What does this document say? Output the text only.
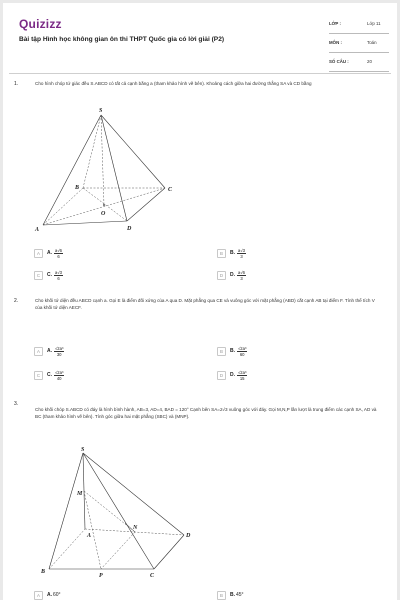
Quizizz
Bài tập Hình học không gian ôn thi THPT Quốc gia có lời giải (P2)
LỚP :	Lớp 11
MÔN :	Toán
SỐ CÂU :	20
1.	Cho hình chóp tứ giác đều S.ABCD có tất cả cạnh bằng a (tham khảo hình vẽ bên). Khoảng cách giữa hai đường thẳng SA và CD bằng
S
A
B	C
D
O
A	A. $\frac{a√6}{6}$	B	B. $\frac{a√3}{3}$
C	C. $\frac{a√3}{6}$	D	D. $\frac{a√6}{3}$
2.	Cho khối tứ diện đều ABCD cạnh a. Gọi E là điểm đối xứng của A qua D. Mặt phẳng qua CE và vuông góc với mặt phẳng (ABD) cắt cạnh AB tại điểm F. Tính thể tích V của khối tứ diện AECF.
A	A. $\frac{\text{√2a³}}{30}$	B	B. $\frac{\text{√2a³}}{60}$
C	C. $\frac{\text{√2a³}}{40}$	D	D. $\frac{\text{√2a³}}{15}$
3.
Cho khối chóp S.ABCD có đáy là hình bình hành, AB=3, AD=4, BAD = 120° Cạnh bên SA=2√3 vuông góc với đáy. Gọi M,N,P lần lượt là trung điểm các cạnh SA, AD và BC (tham khảo hình vẽ bên). Tính góc giữa hai mặt phẳng (SBC) và (MNP).
S
M
N
A
B
C
D
P
A	A. 60°	B	B. 45°
